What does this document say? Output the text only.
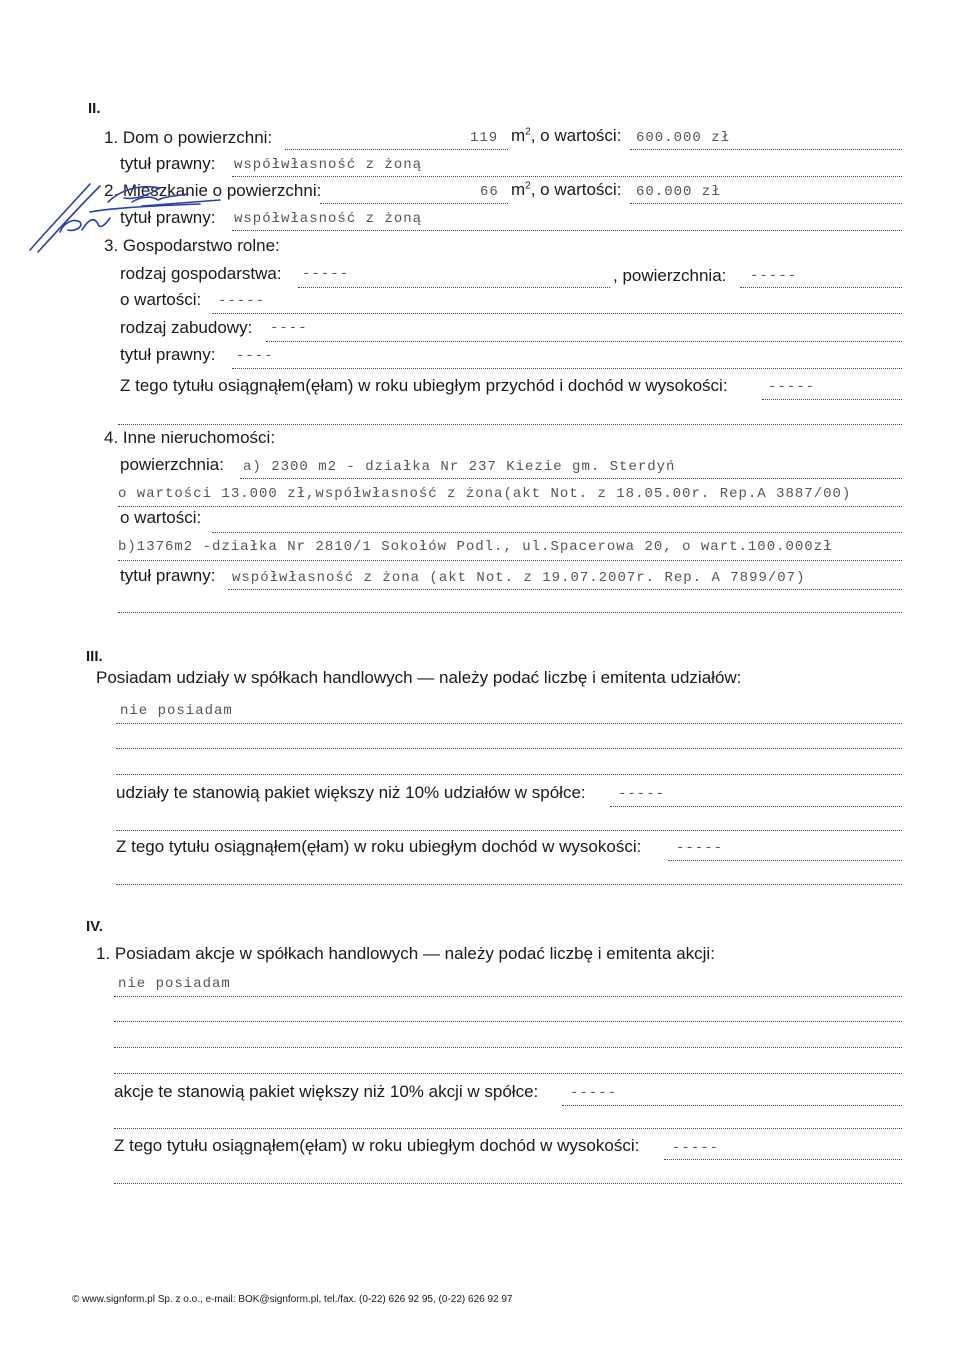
II.
1. Dom o powierzchni:	119 $m^2$, o wartości: 600.000 zł
tytuł prawny: współwłasność z żoną
2. Mieszkanie o powierzchni:	66 $m^2$, o wartości: 60.000 zł
tytuł prawny: współwłasność z żoną
3. Gospodarstwo rolne:
rodzaj gospodarstwa: -----	, powierzchnia: -----
o wartości: -----
rodzaj zabudowy: ----
tytuł prawny: ----
Z tego tytułu osiągnąłem(ęłam) w roku ubiegłym przychód i dochód w wysokości:	-----
4. Inne nieruchomości:
powierzchnia: a) 2300 m2 - działka Nr 237 Kiezie gm. Sterdyń
o wartości 13.000 zł,współwłasność z żona(akt Not. z 18.05.00r. Rep.A 3887/00)
o wartości:
b)1376m2 -działka Nr 2810/1 Sokołów Podl., ul.Spacerowa 20, o wart.100.000zł
tytuł prawny: współwłasność z żona (akt Not. z 19.07.2007r. Rep. A 7899/07)
III.
Posiadam udziały w spółkach handlowych — należy podać liczbę i emitenta udziałów:
nie posiadam
udziały te stanowią pakiet większy niż 10% udziałów w spółce: -----
Z tego tytułu osiągnąłem(ęłam) w roku ubiegłym dochód w wysokości: -----
IV.
1. Posiadam akcje w spółkach handlowych — należy podać liczbę i emitenta akcji:
nie posiadam
akcje te stanowią pakiet większy niż 10% akcji w spółce: -----
Z tego tytułu osiągnąłem(ęłam) w roku ubiegłym dochód w wysokości: -----
© www.signform.pl Sp. z o.o., e-mail: BOK@signform.pl, tel./fax. (0-22) 626 92 95, (0-22) 626 92 97
